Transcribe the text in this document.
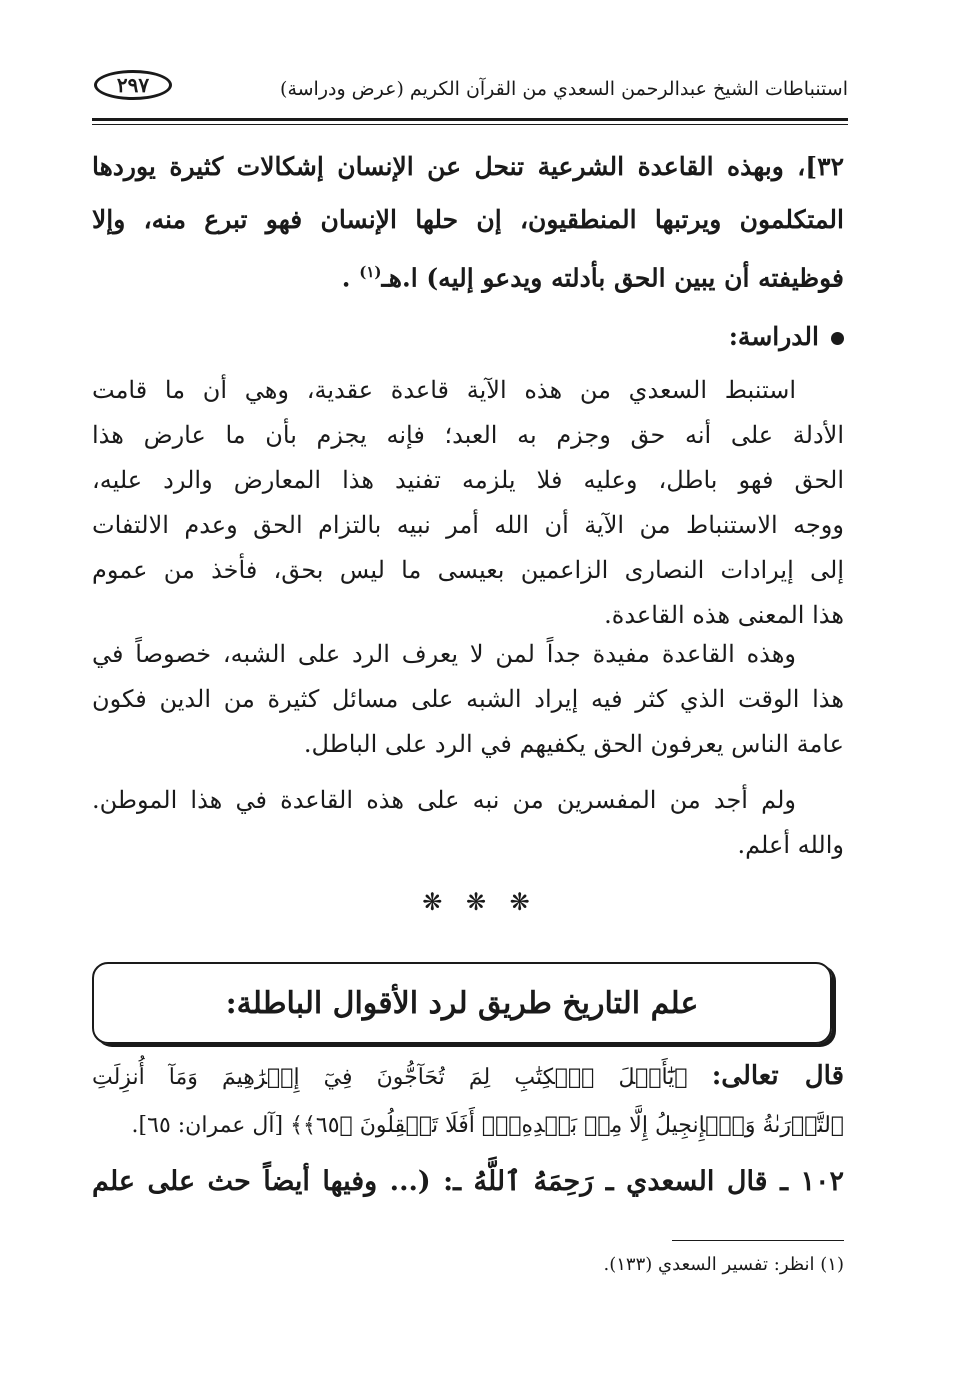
٢٩٧	استنباطات الشيخ عبدالرحمن السعدي من القرآن الكريم (عرض ودراسة)
٣٢]، وبهذه القاعدة الشرعية تنحل عن الإنسان إشكالات كثيرة يوردها
المتكلمون ويرتبها المنطقيون، إن حلها الإنسان فهو تبرع منه، وإلا
فوظيفته أن يبين الحق بأدلته ويدعو إليه) ا.هـ$^{(١)}$ .
الدراسة:
استنبط السعدي من هذه الآية قاعدة عقدية، وهي أن ما قامت
الأدلة على أنه حق وجزم به العبد؛ فإنه يجزم بأن ما عارض هذا
الحق فهو باطل، وعليه فلا يلزمه تفنيد هذا المعارض والرد عليه،
ووجه الاستنباط من الآية أن الله أمر نبيه بالتزام الحق وعدم الالتفات
إلى إيرادات النصارى الزاعمين بعيسى ما ليس بحق، فأخذ من عموم
هذا المعنى هذه القاعدة.
وهذه القاعدة مفيدة جداً لمن لا يعرف الرد على الشبه، خصوصاً في
هذا الوقت الذي كثر فيه إيراد الشبه على مسائل كثيرة من الدين فكون
عامة الناس يعرفون الحق يكفيهم في الرد على الباطل.
ولم أجد من المفسرين من نبه على هذه القاعدة في هذا الموطن.
والله أعلم.
❋ ❋ ❋
علم التاريخ طريق لرد الأقوال الباطلة:
قال تعالى: ﴿يَٰٓأَهۡلَ ٱلۡكِتَٰبِ لِمَ تُحَآجُّونَ فِيٓ إِبۡرَٰهِيمَ وَمَآ أُنزِلَتِ
ٱلتَّوۡرَىٰةُ وَٱلۡإِنجِيلُ إِلَّا مِنۢ بَعۡدِهِۦٓۚ أَفَلَا تَعۡقِلُونَ ﴿٦٥﴾﴾ [آل عمران: ٦٥].
١٠٢ ـ قال السعدي ـ رَحِمَهُ ٱللَّهُ ـ: (... وفيها أيضاً حث على علم
(١) انظر: تفسير السعدي (١٣٣).
